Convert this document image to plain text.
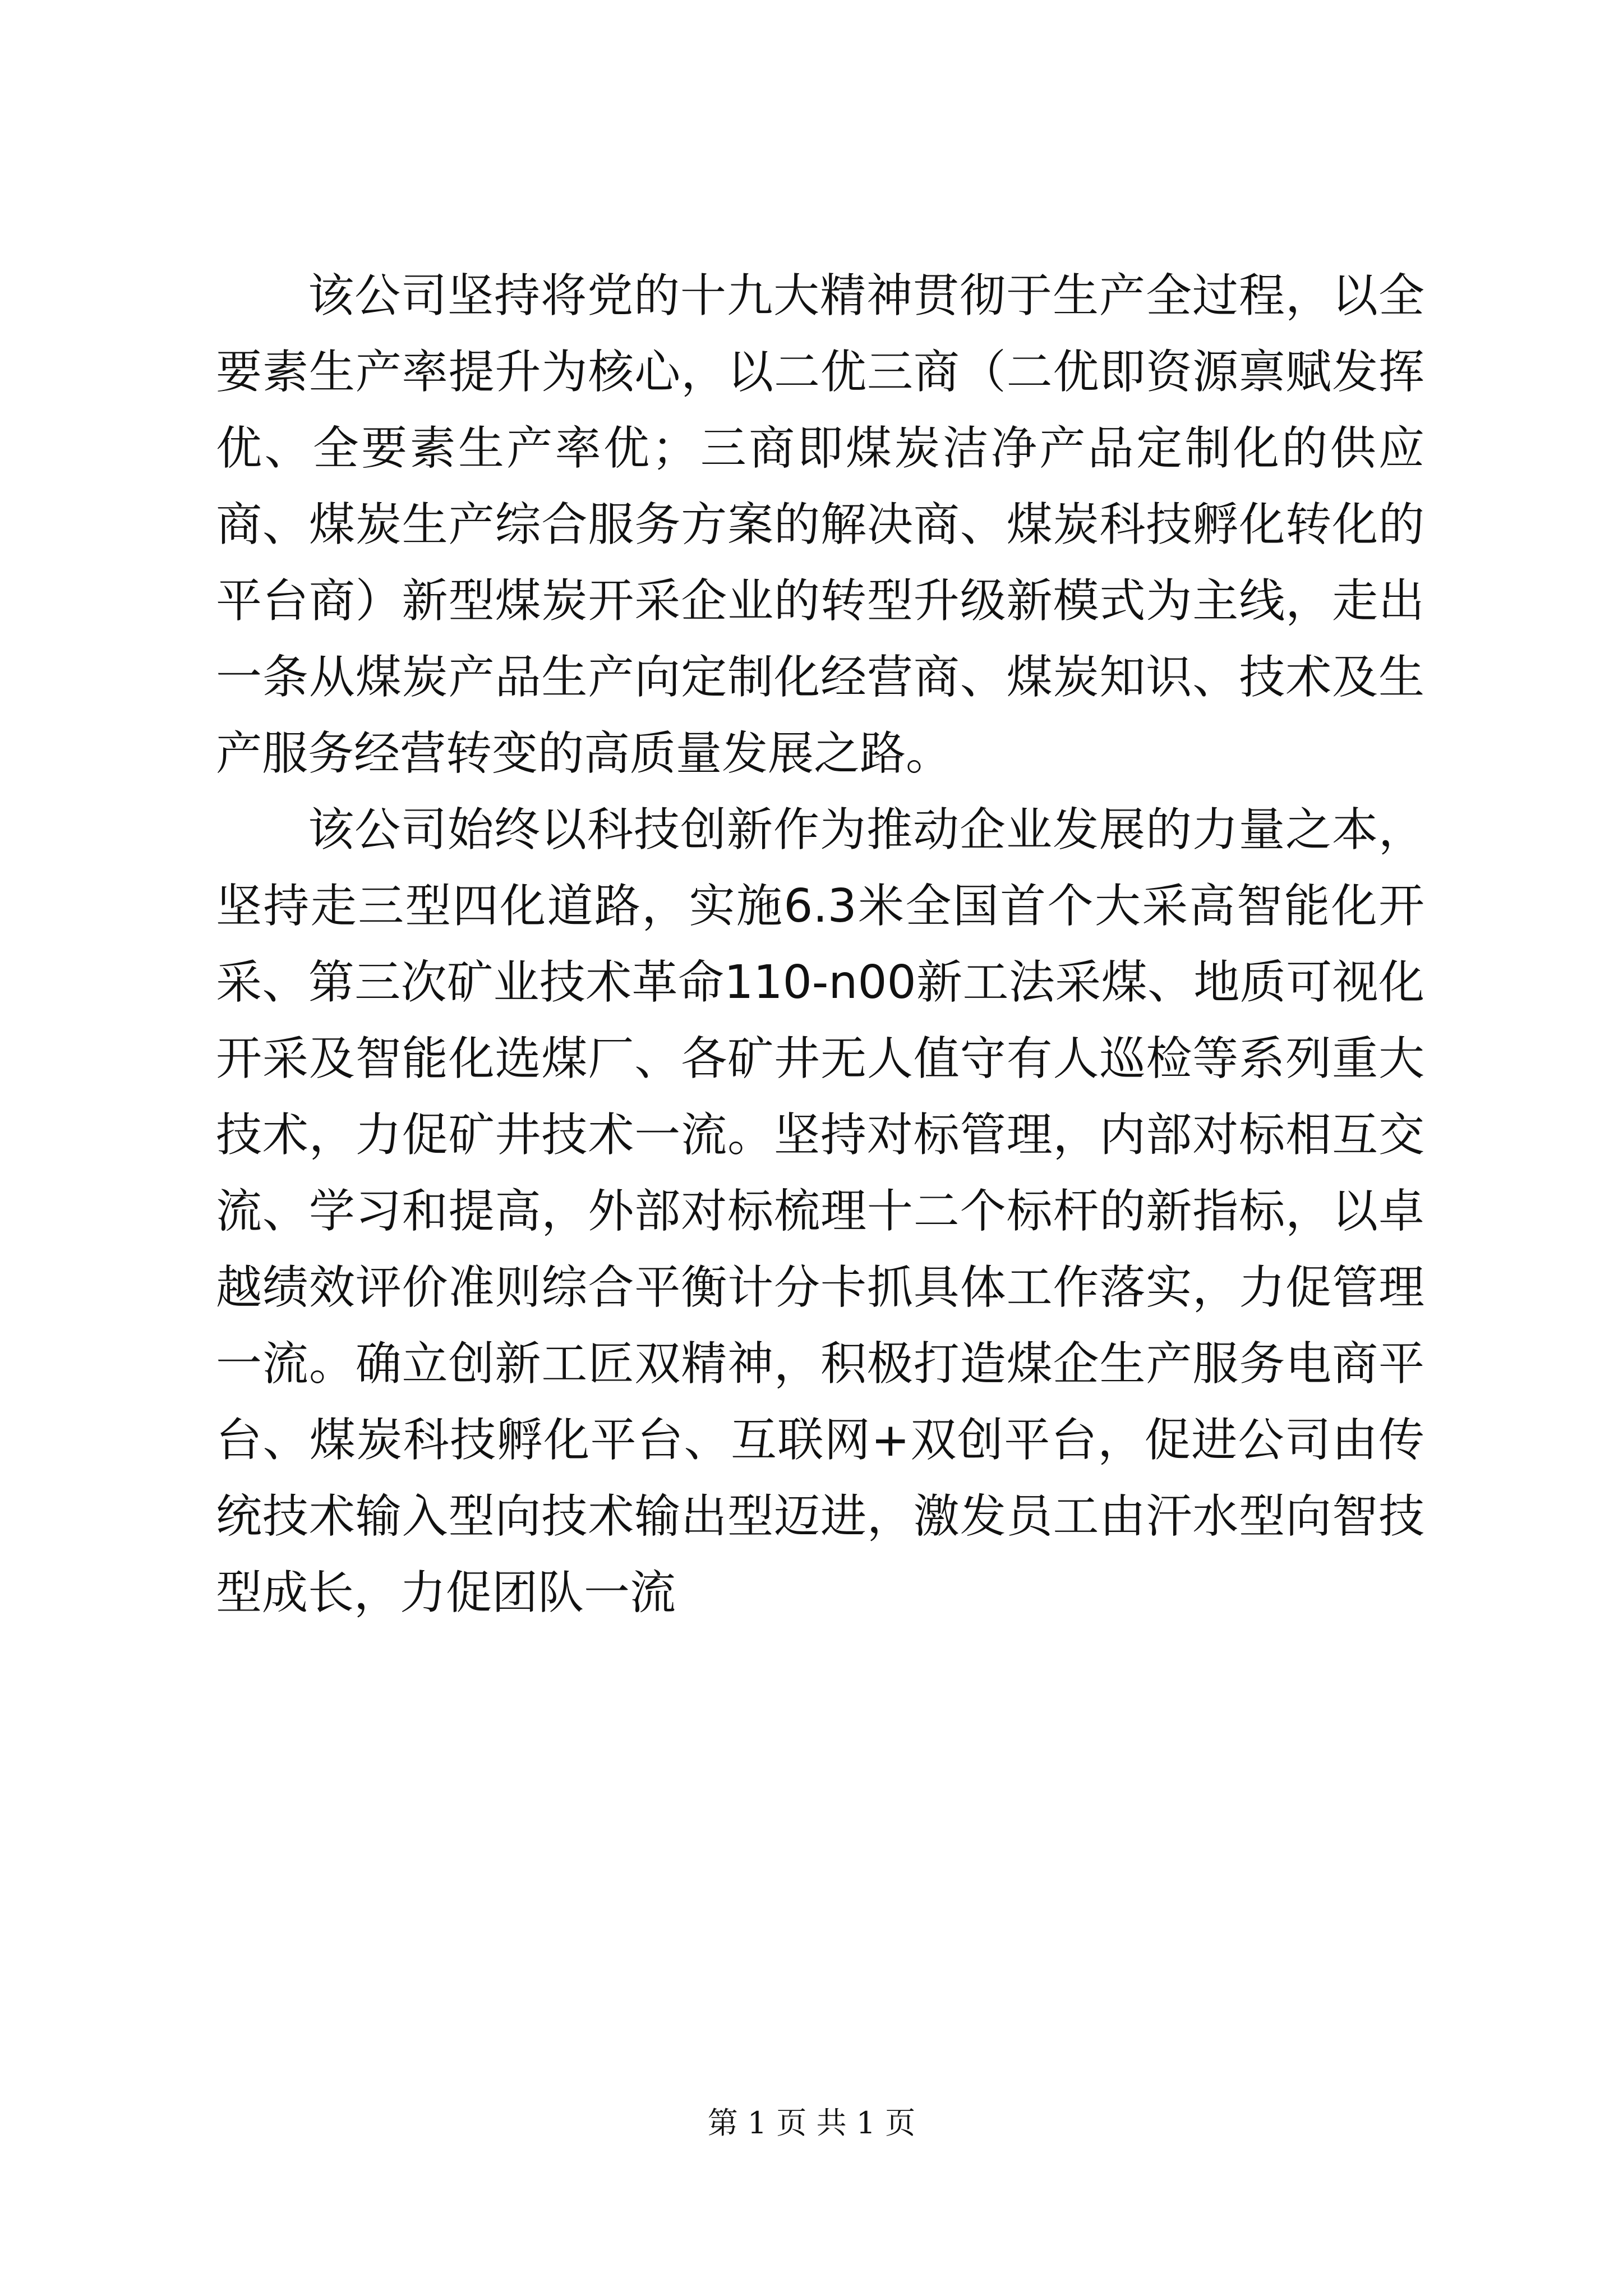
该公司坚持将党的十九大精神贯彻于生产全过程，以全要素生产率提升为核心，以二优三商（二优即资源禀赋发挥优、全要素生产率优；三商即煤炭洁净产品定制化的供应商、煤炭生产综合服务方案的解决商、煤炭科技孵化转化的平台商）新型煤炭开采企业的转型升级新模式为主线，走出一条从煤炭产品生产向定制化经营商、煤炭知识、技术及生产服务经营转变的高质量发展之路。

该公司始终以科技创新作为推动企业发展的力量之本，坚持走三型四化道路，实施6.3米全国首个大采高智能化开采、第三次矿业技术革命110-n00新工法采煤、地质可视化开采及智能化选煤厂、各矿井无人值守有人巡检等系列重大技术，力促矿井技术一流。坚持对标管理，内部对标相互交流、学习和提高，外部对标梳理十二个标杆的新指标，以卓越绩效评价准则综合平衡计分卡抓具体工作落实，力促管理一流。确立创新工匠双精神，积极打造煤企生产服务电商平台、煤炭科技孵化平台、互联网+双创平台，促进公司由传统技术输入型向技术输出型迈进，激发员工由汗水型向智技型成长，力促团队一流

第 1 页 共 1 页
